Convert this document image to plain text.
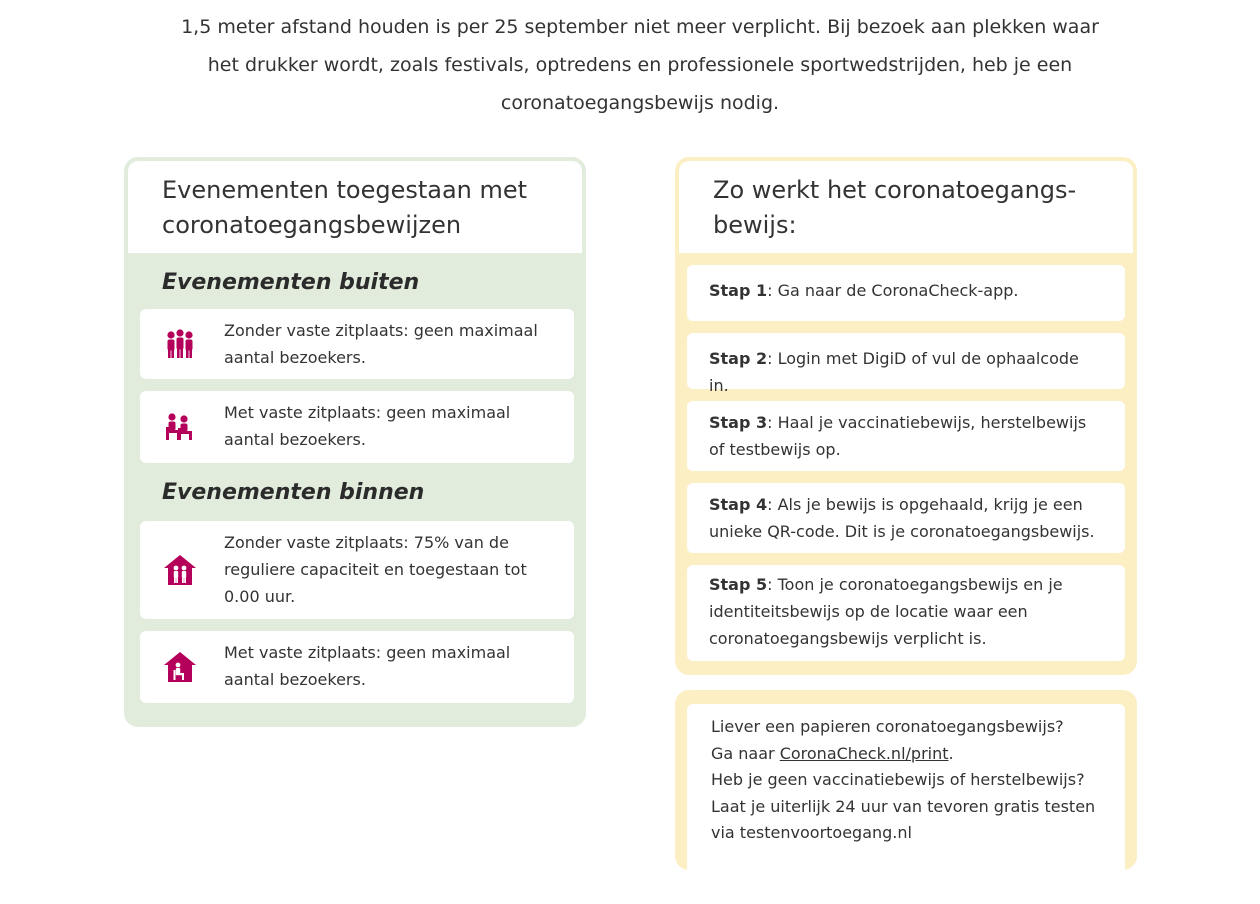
1,5 meter afstand houden is per 25 september niet meer verplicht. Bij bezoek aan plekken waar

het drukker wordt, zoals festivals, optredens en professionele sportwedstrijden, heb je een

coronatoegangsbewijs nodig.

Evenementen toegestaan met
coronatoegangsbewijzen
Evenementen buiten
Zonder vaste zitplaats: geen maximaal aantal bezoekers.
Met vaste zitplaats: geen maximaal aantal bezoekers.
Evenementen binnen
Zonder vaste zitplaats: 75% van de reguliere capaciteit en toegestaan tot 0.00 uur.
Met vaste zitplaats: geen maximaal aantal bezoekers.
Zo werkt het coronatoegangs-
bewijs:
Stap 1: Ga naar de CoronaCheck-app.
Stap 2: Login met DigiD of vul de ophaalcode in.
Stap 3: Haal je vaccinatiebewijs, herstelbewijs of testbewijs op.
Stap 4: Als je bewijs is opgehaald, krijg je een unieke QR-code. Dit is je coronatoegangsbewijs.
Stap 5: Toon je coronatoegangsbewijs en je identiteitsbewijs op de locatie waar een coronatoegangsbewijs verplicht is.
Liever een papieren coronatoegangsbewijs?
Ga naar CoronaCheck.nl/print.
Heb je geen vaccinatiebewijs of herstelbewijs?
Laat je uiterlijk 24 uur van tevoren gratis testen
via testenvoortoegang.nl
